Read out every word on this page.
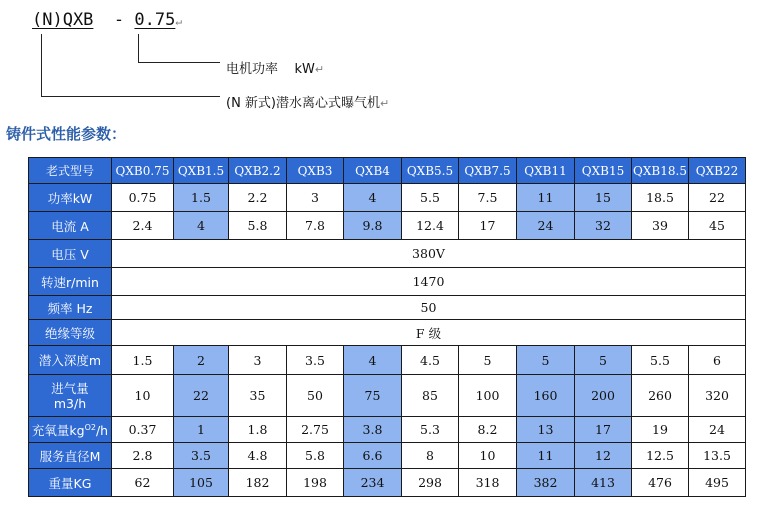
(N)QXB - 0.75↵
电机功率    kW↵
(N 新式)潜水离心式曝气机↵
铸件式性能参数：
老式型号	QXB0.75	QXB1.5	QXB2.2	QXB3	QXB4	QXB5.5	QXB7.5	QXB11	QXB15	QXB18.5	QXB22
功率kW	0.75	1.5	2.2	3	4	5.5	7.5	11	15	18.5	22
电流 A	2.4	4	5.8	7.8	9.8	12.4	17	24	32	39	45
电压 V	380V										
转速r/min	1470										
频率 Hz	50										
绝缘等级	F 级										
潜入深度m	1.5	2	3	3.5	4	4.5	5	5	5	5.5	6

进气量
m3/h	10	22	35	50	75	85	100	160	200	260	320
充氧量$kg^{O2}/h$	0.37	1	1.8	2.75	3.8	5.3	8.2	13	17	19	24
服务直径M	2.8	3.5	4.8	5.8	6.6	8	10	11	12	12.5	13.5
重量KG	62	105	182	198	234	298	318	382	413	476	495
